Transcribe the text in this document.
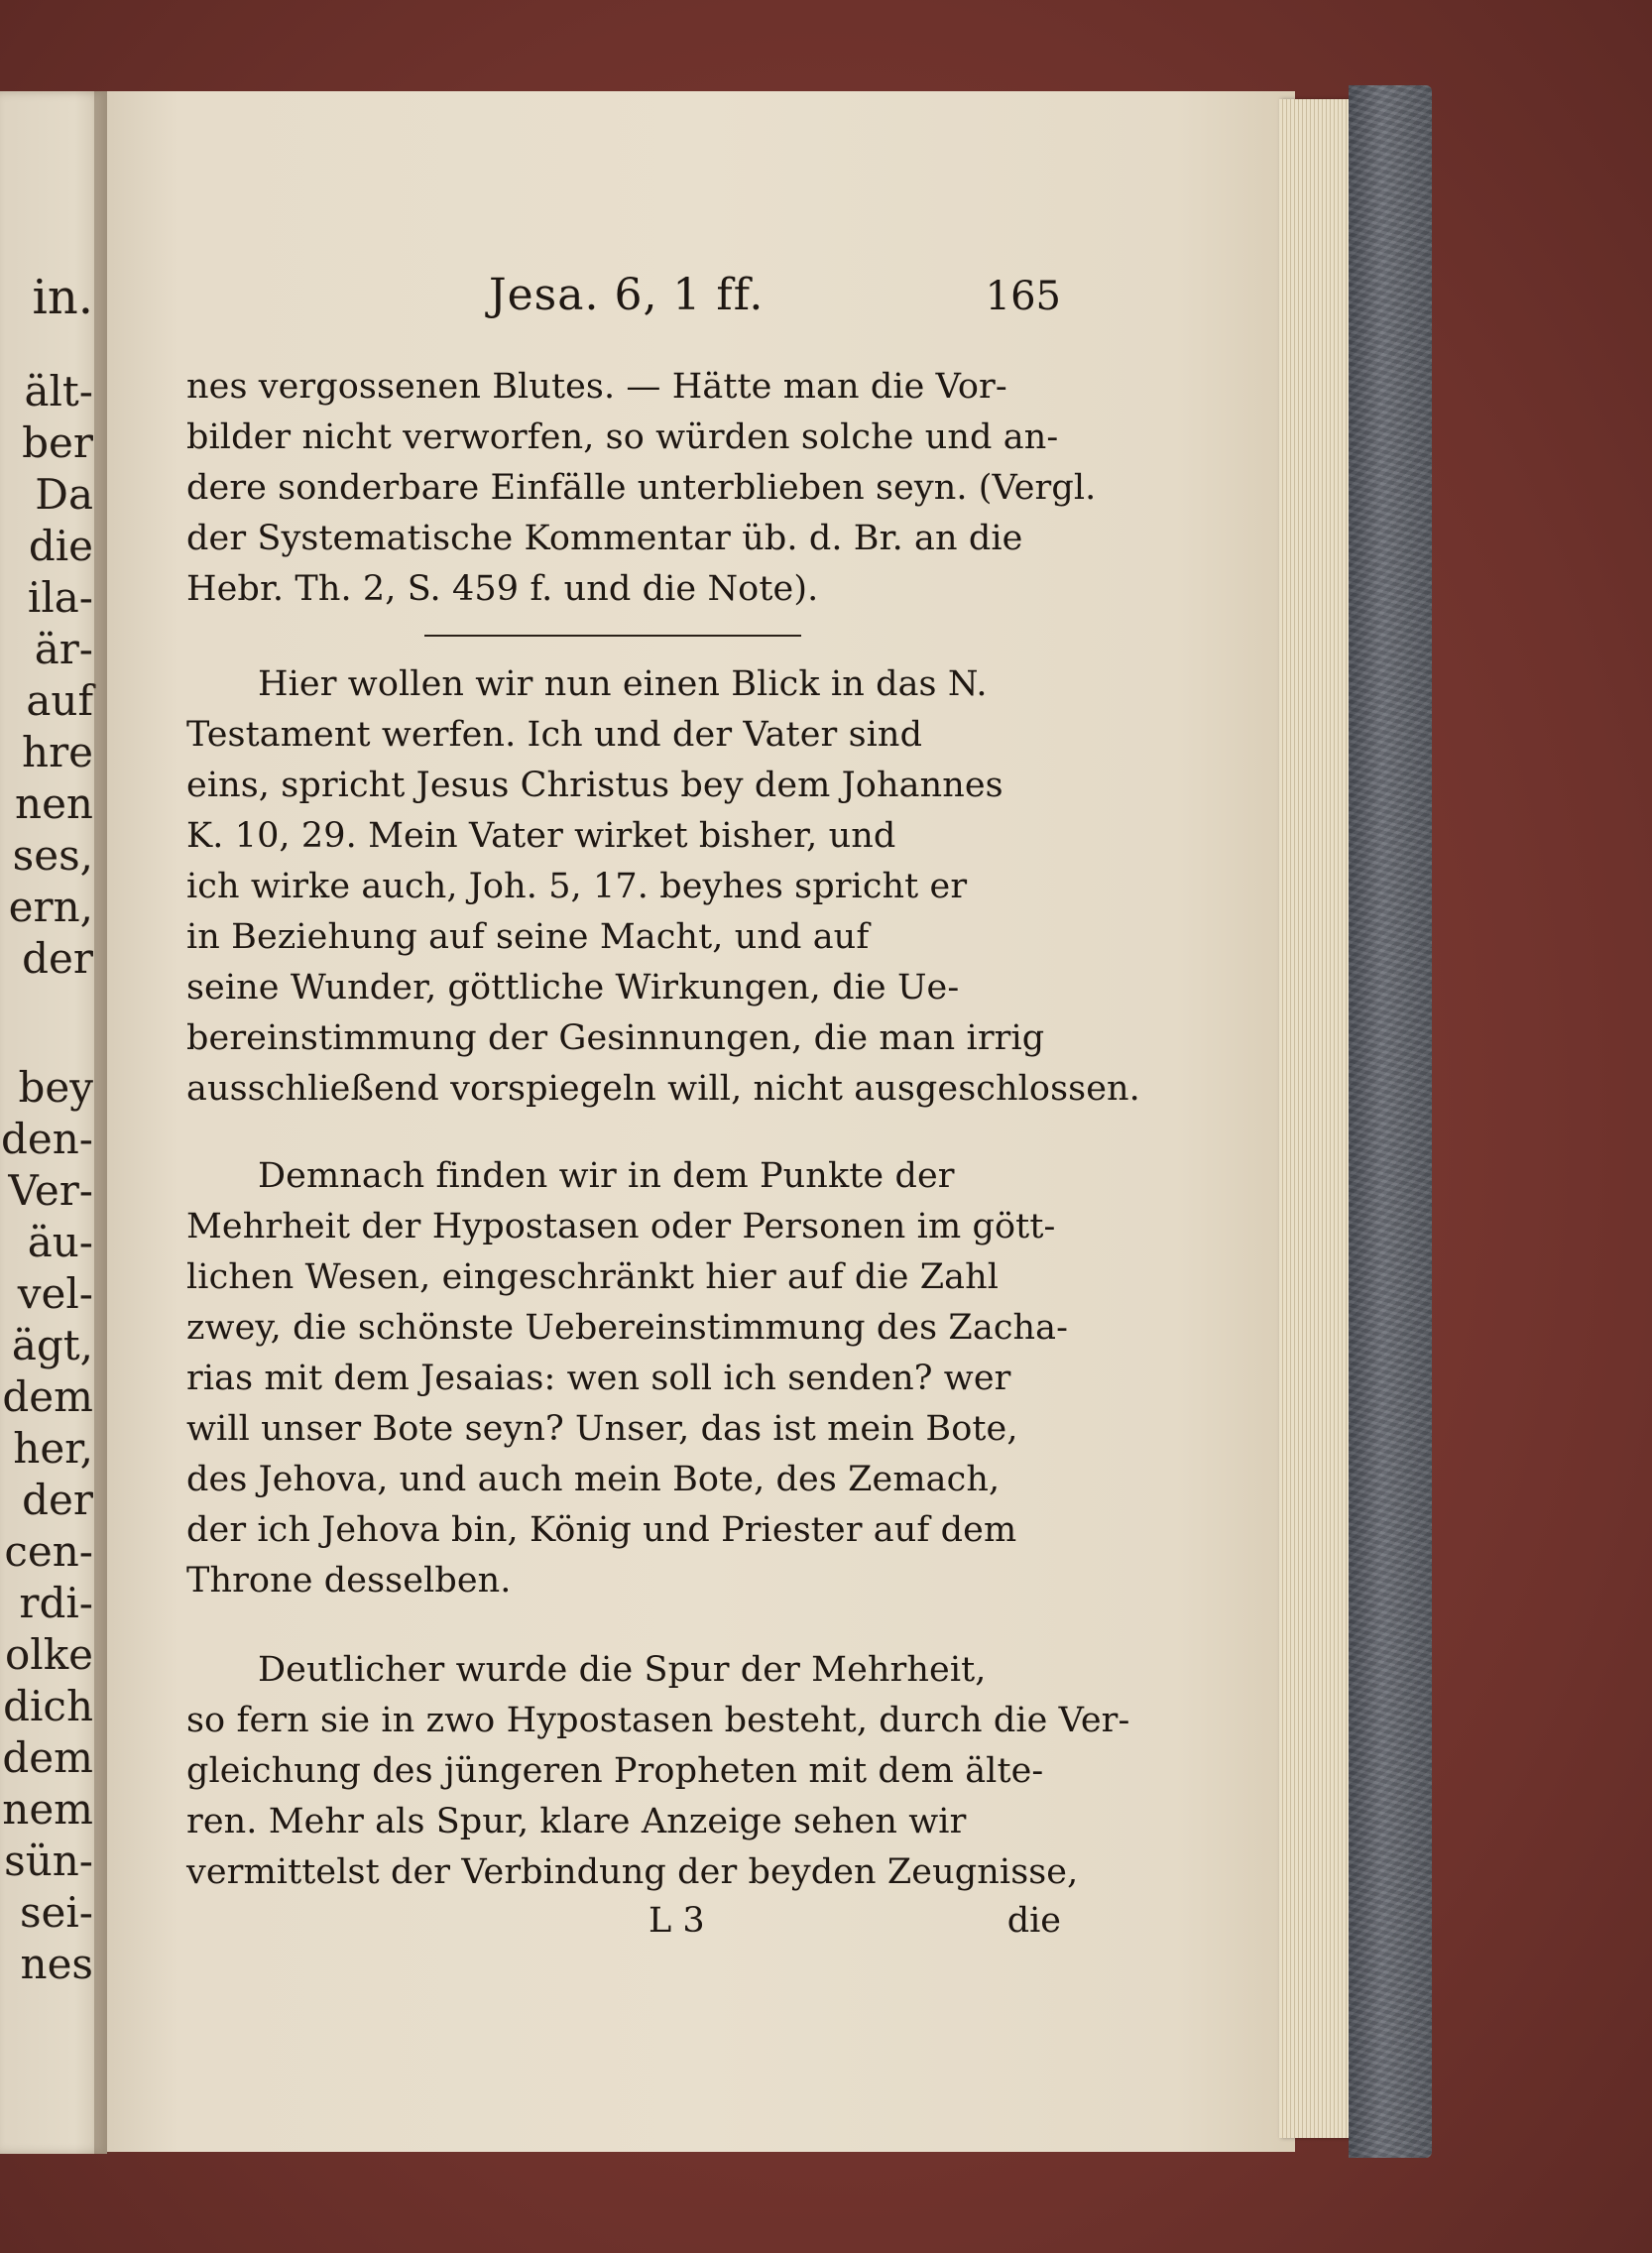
in.
ält-
ber
Da
die
ila-
är-
auf
hre
nen
ses,
ern,
der
bey
den-
Ver-
äu-
vel-
ägt,
dem
her,
der
cen-
rdi-
olke
dich
dem
nem
sün-
sei-
nes
Jesa. 6, 1 ff.	165
nes vergossenen Blutes. — Hätte man die Vor-
bilder nicht verworfen, so würden solche und an-
dere sonderbare Einfälle unterblieben seyn. (Vergl.
der Systematische Kommentar üb. d. Br. an die
Hebr. Th. 2, S. 459 f. und die Note).
Hier wollen wir nun einen Blick in das N.
Testament werfen. Ich und der Vater sind
eins, spricht Jesus Christus bey dem Johannes
K. 10, 29. Mein Vater wirket bisher, und
ich wirke auch, Joh. 5, 17. beyhes spricht er
in Beziehung auf seine Macht, und auf
seine Wunder, göttliche Wirkungen, die Ue-
bereinstimmung der Gesinnungen, die man irrig
ausschließend vorspiegeln will, nicht ausgeschlossen.
Demnach finden wir in dem Punkte der
Mehrheit der Hypostasen oder Personen im gött-
lichen Wesen, eingeschränkt hier auf die Zahl
zwey, die schönste Uebereinstimmung des Zacha-
rias mit dem Jesaias: wen soll ich senden? wer
will unser Bote seyn? Unser, das ist mein Bote,
des Jehova, und auch mein Bote, des Zemach,
der ich Jehova bin, König und Priester auf dem
Throne desselben.
Deutlicher wurde die Spur der Mehrheit,
so fern sie in zwo Hypostasen besteht, durch die Ver-
gleichung des jüngeren Propheten mit dem älte-
ren. Mehr als Spur, klare Anzeige sehen wir
vermittelst der Verbindung der beyden Zeugnisse,
L 3	die
